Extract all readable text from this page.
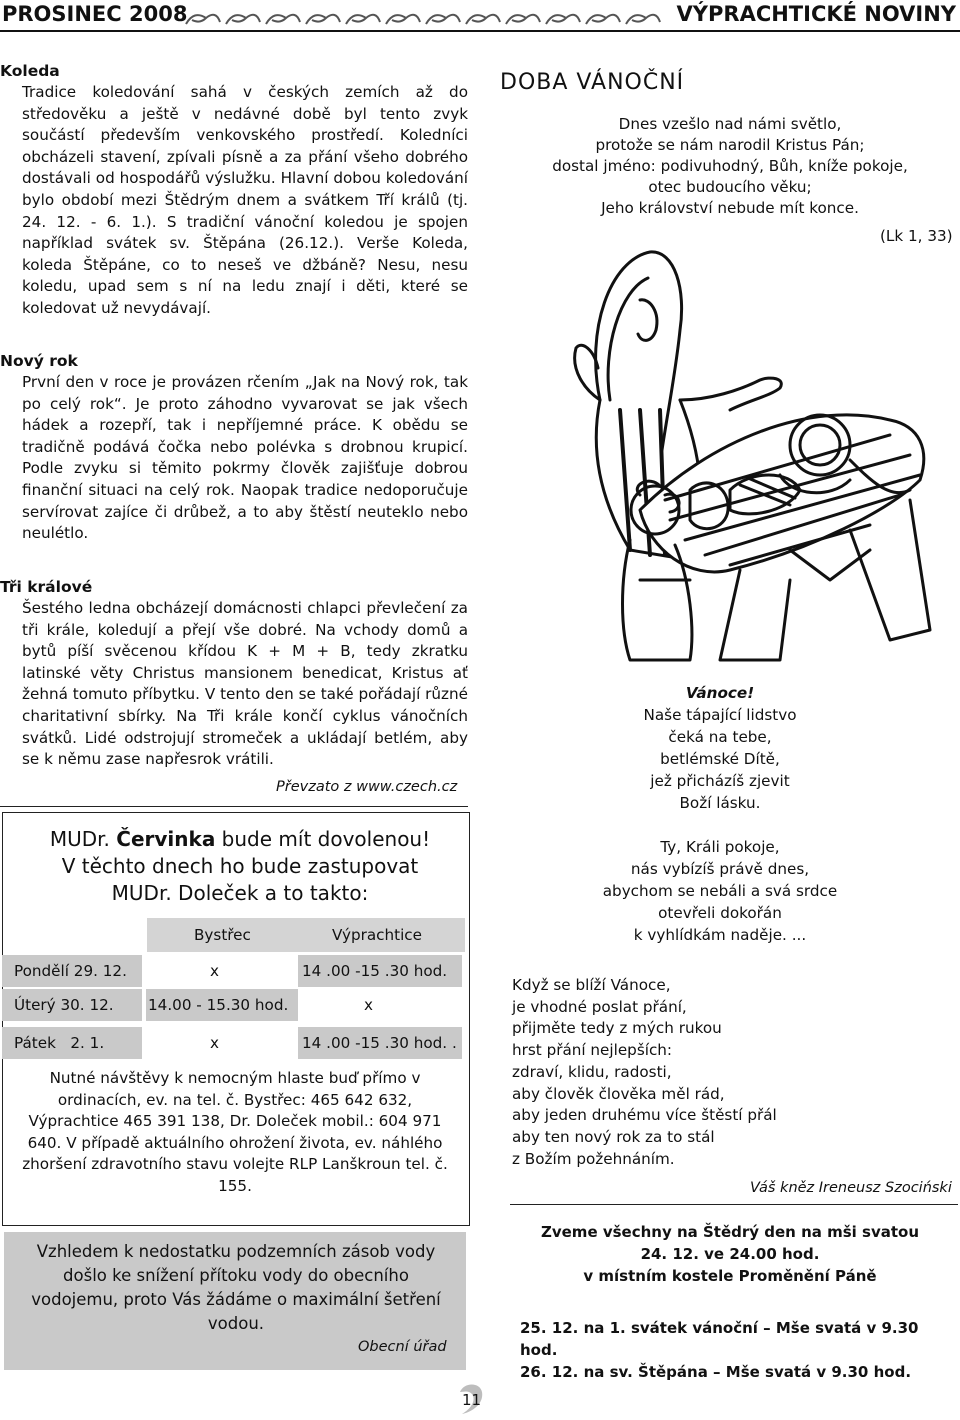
PROSINEC 2008	VÝPRACHTICKÉ NOVINY
Koleda
Tradice koledování sahá v českých zemích až do středověku a ještě v nedávné době byl tento zvyk součástí především venkovského prostředí. Koledníci obcházeli stavení, zpívali písně a za přání všeho dobrého dostávali od hospodářů výslužku. Hlavní dobou koledování bylo období mezi Štědrým dnem a svátkem Tří králů (tj. 24. 12. - 6. 1.). S tradiční vánoční koledou je spojen například svátek sv. Štěpána (26.12.). Verše Koleda, koleda Štěpáne, co to neseš ve džbáně? Nesu, nesu koledu, upad sem s ní na ledu znají i děti, které se koledovat už nevydávají.
Nový rok
První den v roce je provázen rčením „Jak na Nový rok, tak po celý rok“. Je proto záhodno vyvarovat se jak všech hádek a rozepří, tak i nepříjemné práce. K obědu se tradičně podává čočka nebo polévka s drobnou krupicí. Podle zvyku si těmito pokrmy člověk zajišťuje dobrou finanční situaci na celý rok. Naopak tradice nedoporučuje servírovat zajíce či drůbež, a to aby štěstí neuteklo nebo neulétlo.
Tři králové
Šestého ledna obcházejí domácnosti chlapci převlečení za tři krále, koledují a přejí vše dobré. Na vchody domů a bytů píší svěcenou křídou K + M + B, tedy zkratku latinské věty Christus mansionem benedicat, Kristus ať žehná tomuto příbytku. V tento den se také pořádají různé charitativní sbírky. Na Tři krále končí cyklus vánočních svátků. Lidé odstrojují stromeček a ukládají betlém, aby se k němu zase napřesrok vrátili.
Převzato z www.czech.cz
MUDr. Červinka bude mít dovolenou!
V těchto dnech ho bude zastupovat
MUDr. Doleček a to takto:
Bystřec	Výprachtice
Pondělí 29. 12.	x	14 .00 -15 .30 hod.
Úterý 30. 12. 14.00 - 15.30 hod.	x
Pátek   2. 1.	x	14 .00 -15 .30 hod. .
Nutné návštěvy k nemocným hlaste buď přímo v ordinacích, ev. na tel. č. Bystřec: 465 642 632, Výprachtice 465 391 138, Dr. Doleček mobil.: 604 971 640. V případě aktuálního ohrožení života, ev. náhlého zhoršení zdravotního stavu volejte RLP Lanškroun tel. č. 155.
Vzhledem k nedostatku podzemních zásob vody došlo ke snížení přítoku vody do obecního vodojemu, proto Vás žádáme o maximální šetření vodou.
Obecní úřad
DOBA VÁNOČNÍ
Dnes vzešlo nad námi světlo,
protože se nám narodil Kristus Pán;
dostal jméno: podivuhodný, Bůh, kníže pokoje,
otec budoucího věku;
Jeho království nebude mít konce.
(Lk 1, 33)
Vánoce!
Naše tápající lidstvo
čeká na tebe,
betlémské Dítě,
jež přicházíš zjevit
Boží lásku.
Ty, Králi pokoje,
nás vybízíš právě dnes,
abychom se nebáli a svá srdce
otevřeli dokořán
k vyhlídkám naděje. ...
Když se blíží Vánoce,
je vhodné poslat přání,
přijměte tedy z mých rukou
hrst přání nejlepších:
zdraví, klidu, radosti,
aby člověk člověka měl rád,
aby jeden druhému více štěstí přál
aby ten nový rok za to stál
z Božím požehnáním.
Váš kněz Ireneusz Szociński
Zveme všechny na Štědrý den na mši svatou
24. 12. ve 24.00 hod.
v místním kostele Proměnění Páně
25. 12. na 1. svátek vánoční – Mše svatá v 9.30 hod.
26. 12. na sv. Štěpána – Mše svatá v 9.30 hod.
11
